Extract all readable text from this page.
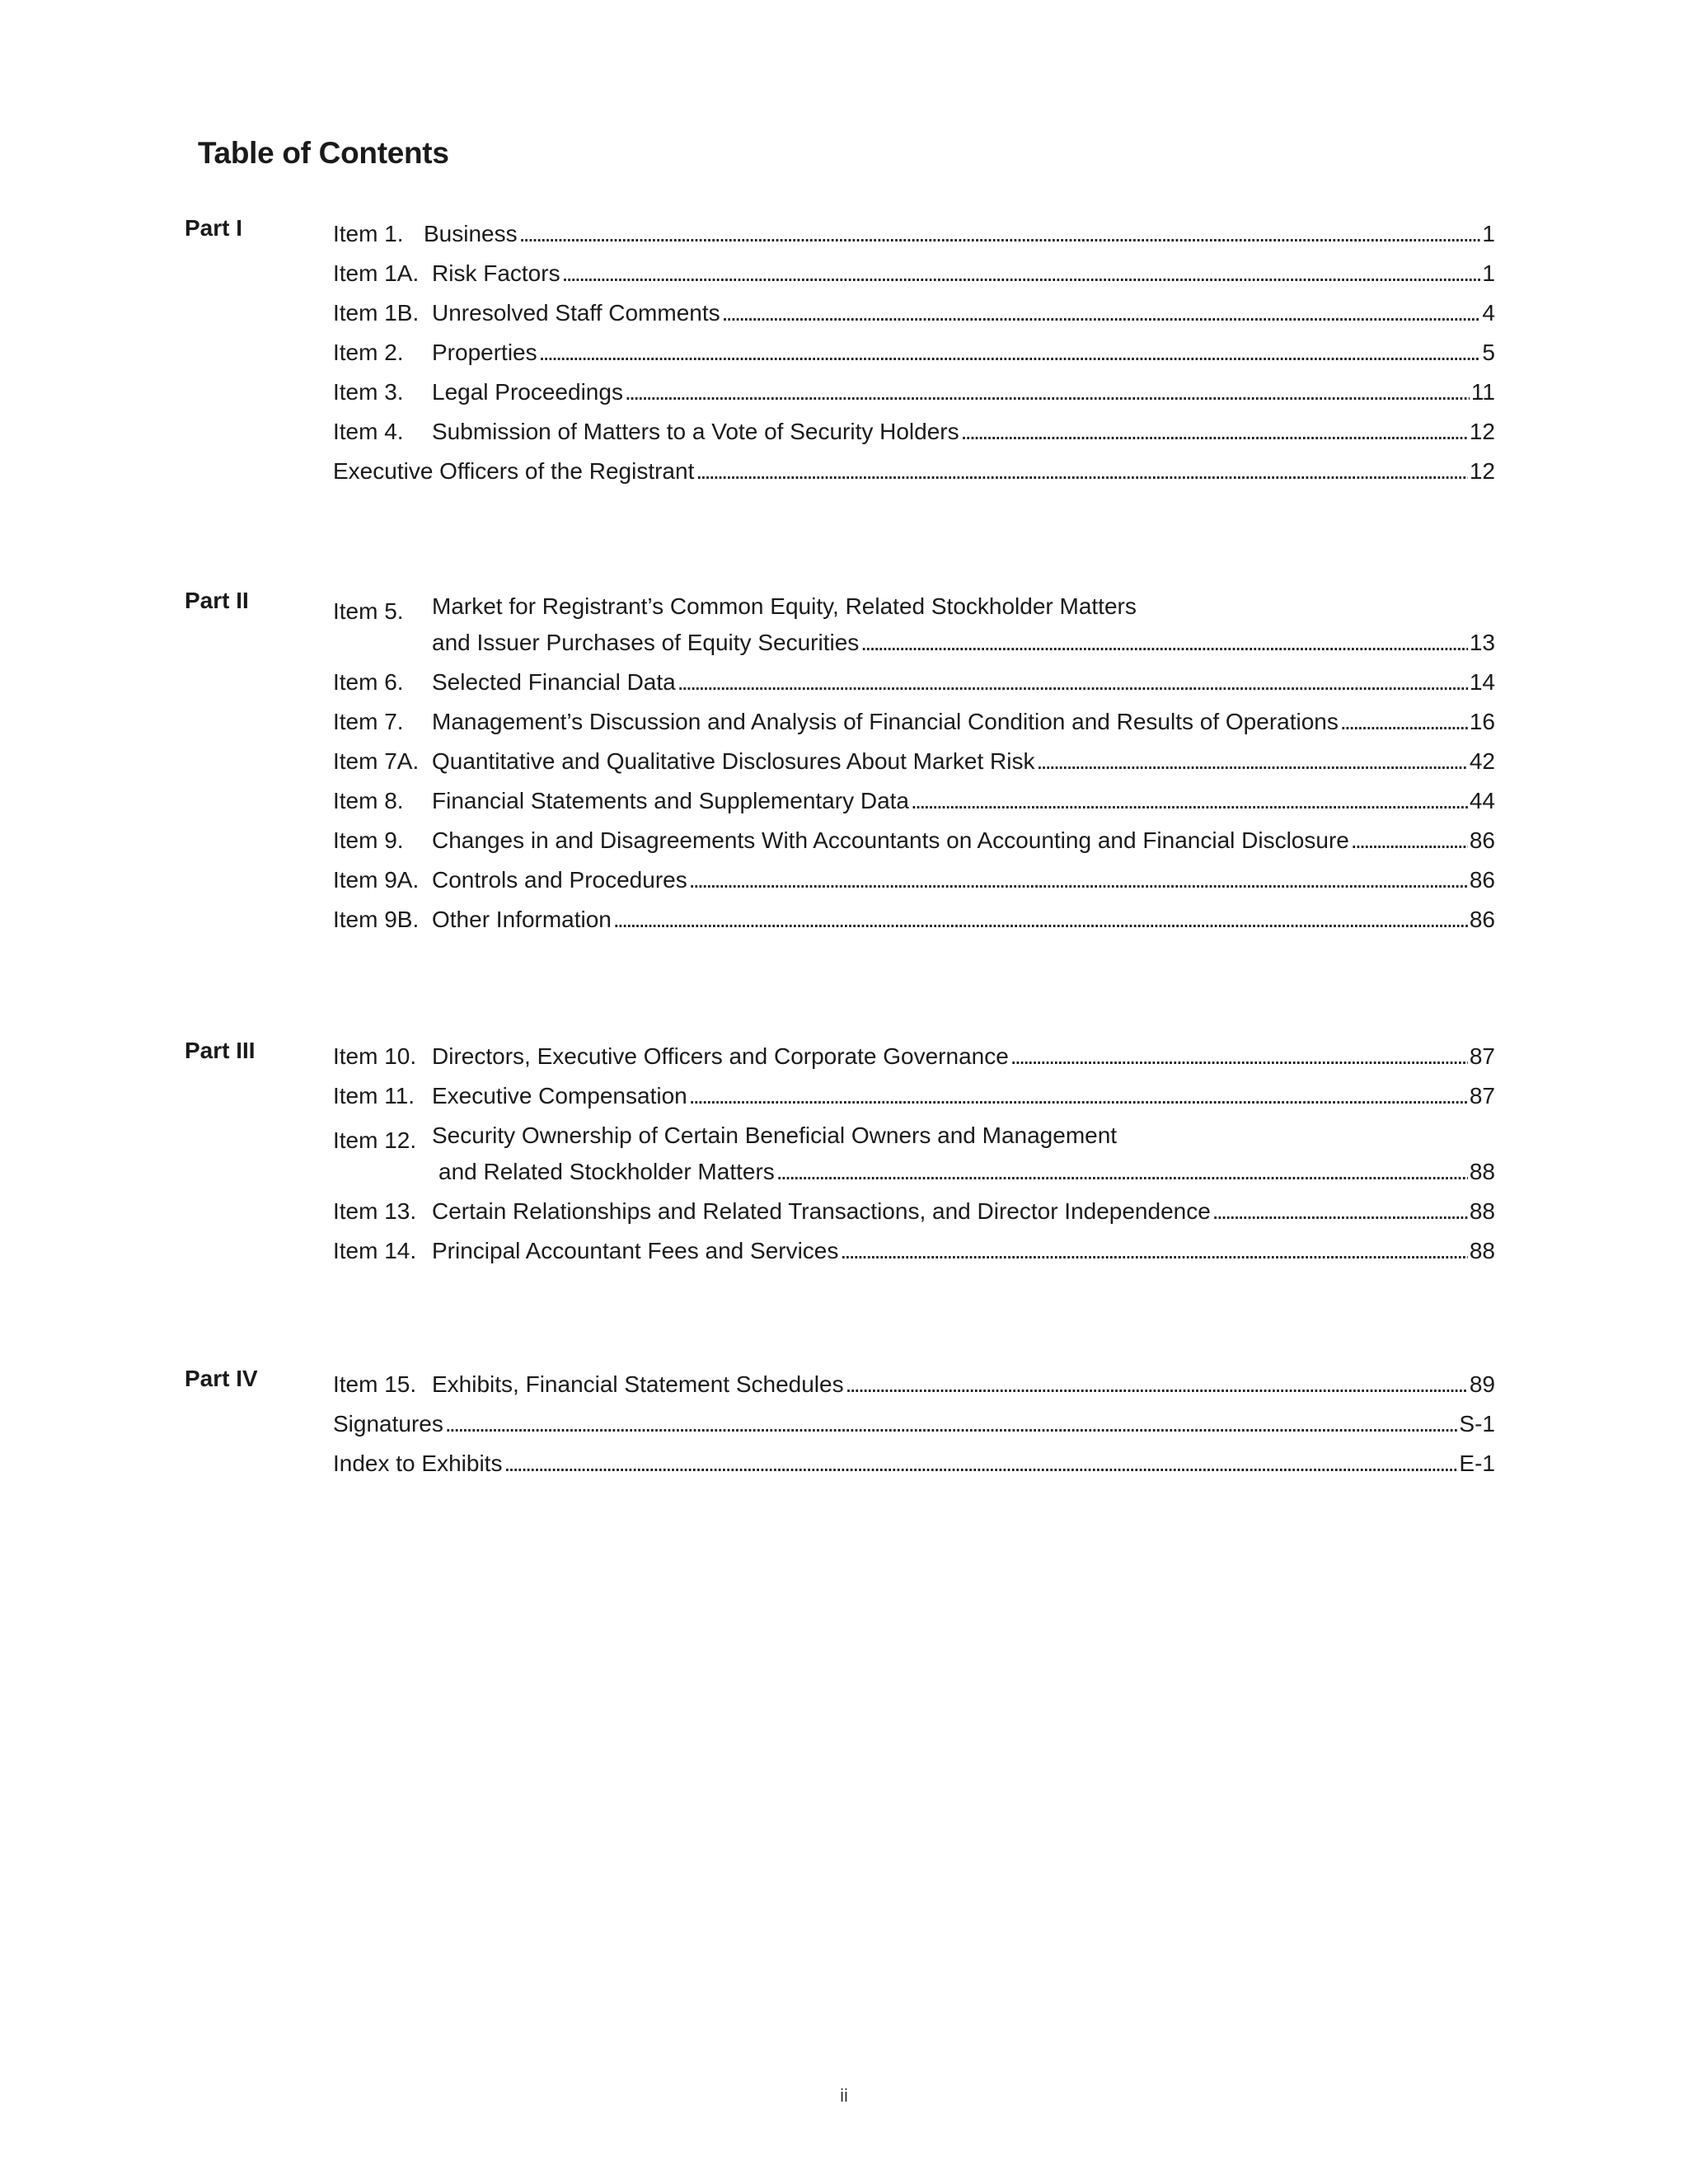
Table of Contents
Part I	Item 1. Business . . .	1
Item 1A. Risk Factors . . .	1
Item 1B. Unresolved Staff Comments . . .	4
Item 2.	Properties . . .	5
Item 3.	Legal Proceedings . . .	11
Item 4.	Submission of Matters to a Vote of Security Holders . . .	12
Executive Officers of the Registrant . . .	12
Part II	Item 5.	Market for Registrant’s Common Equity, Related Stockholder Matters
and Issuer Purchases of Equity Securities . . .	13
Item 6.	Selected Financial Data . . .	14
Item 7.	Management’s Discussion and Analysis of Financial Condition and Results of Operations . . .	16
Item 7A. Quantitative and Qualitative Disclosures About Market Risk . . .	42
Item 8.	Financial Statements and Supplementary Data . . .	44
Item 9.	Changes in and Disagreements With Accountants on Accounting and Financial Disclosure . . .	86
Item 9A. Controls and Procedures . . .	86
Item 9B. Other Information . . .	86
Part III	Item 10. Directors, Executive Officers and Corporate Governance . . .	87
Item 11. Executive Compensation . . .	87
Item 12. Security Ownership of Certain Beneficial Owners and Management
and Related Stockholder Matters . . .	88
Item 13. Certain Relationships and Related Transactions, and Director Independence . . .	88
Item 14. Principal Accountant Fees and Services . . .	88
Part IV	Item 15. Exhibits, Financial Statement Schedules . . .	89
Signatures . . .	S-1
Index to Exhibits . . .	E-1
ii
